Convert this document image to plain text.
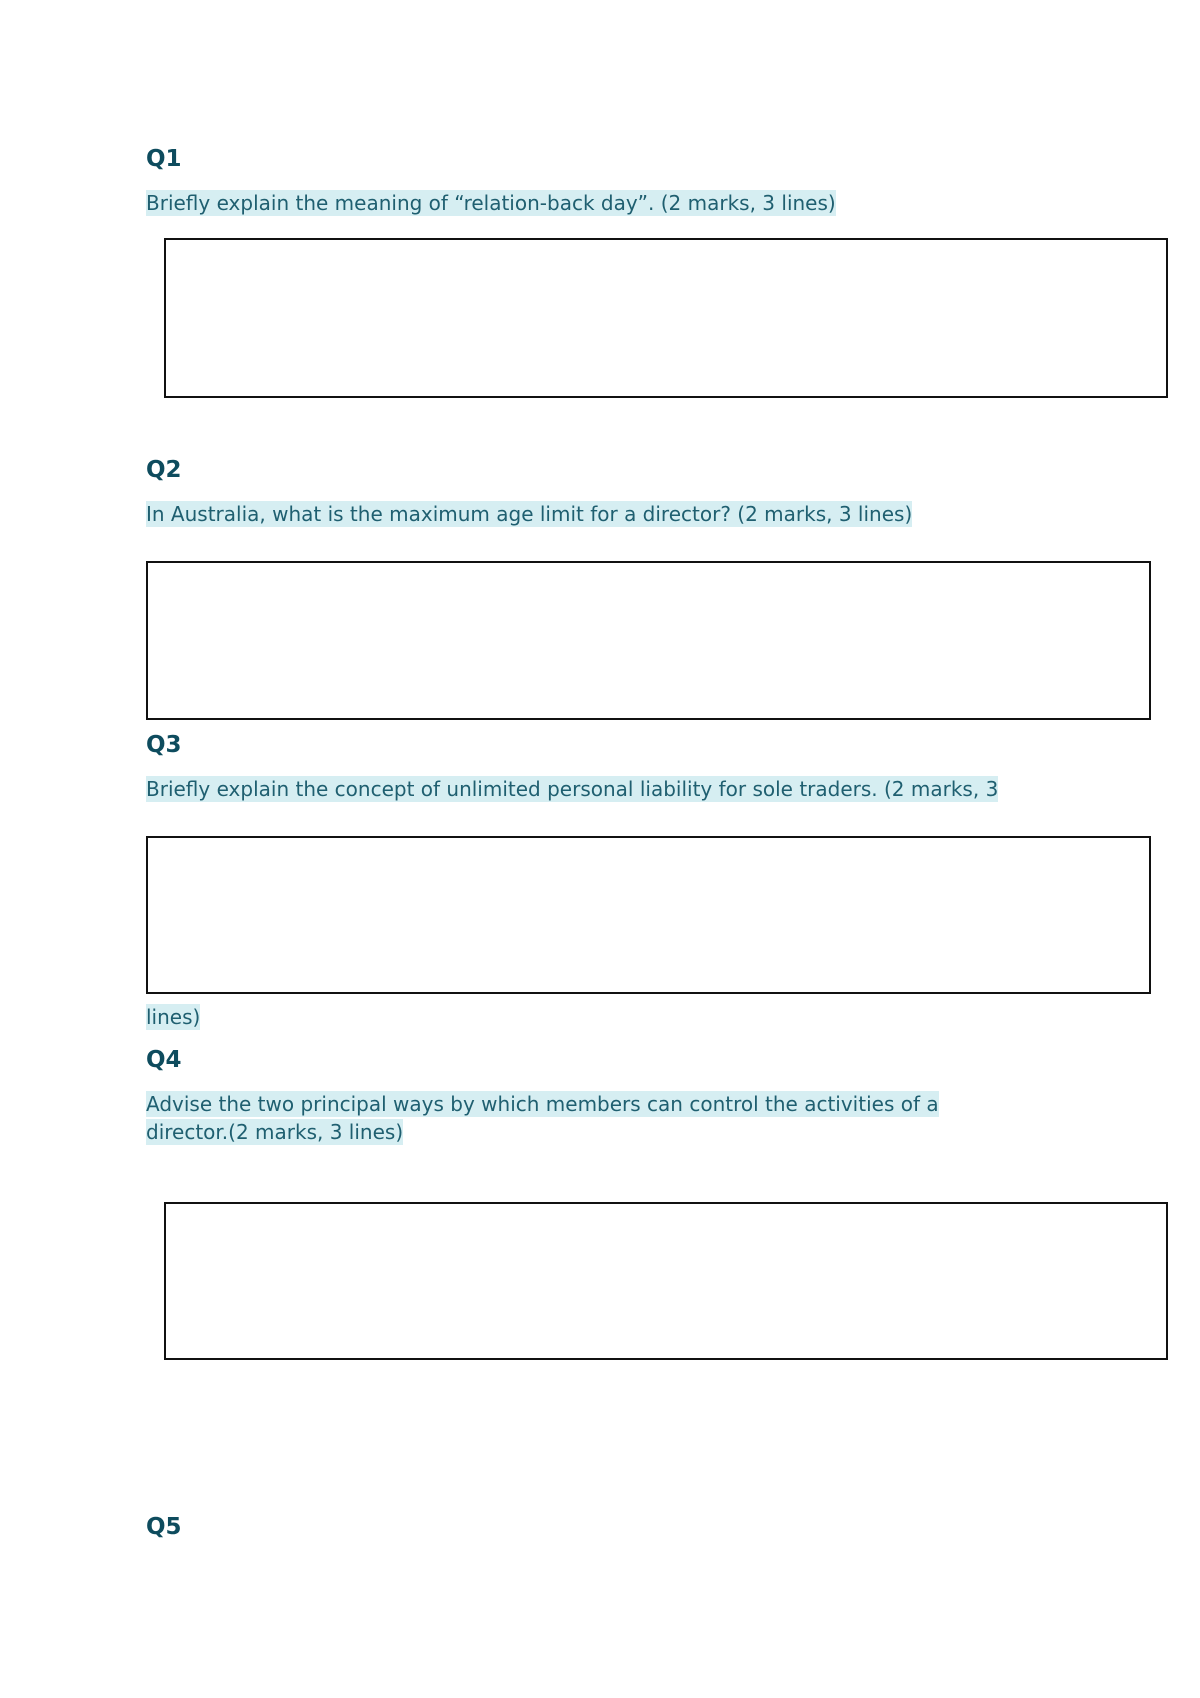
Q1
Briefly explain the meaning of “relation-back day”. (2 marks, 3 lines)
Q2
In Australia, what is the maximum age limit for a director? (2 marks, 3 lines)
Q3
Briefly explain the concept of unlimited personal liability for sole traders. (2 marks, 3
lines)
Q4
Advise the two principal ways by which members can control the activities of a
director.(2 marks, 3 lines)
Q5
